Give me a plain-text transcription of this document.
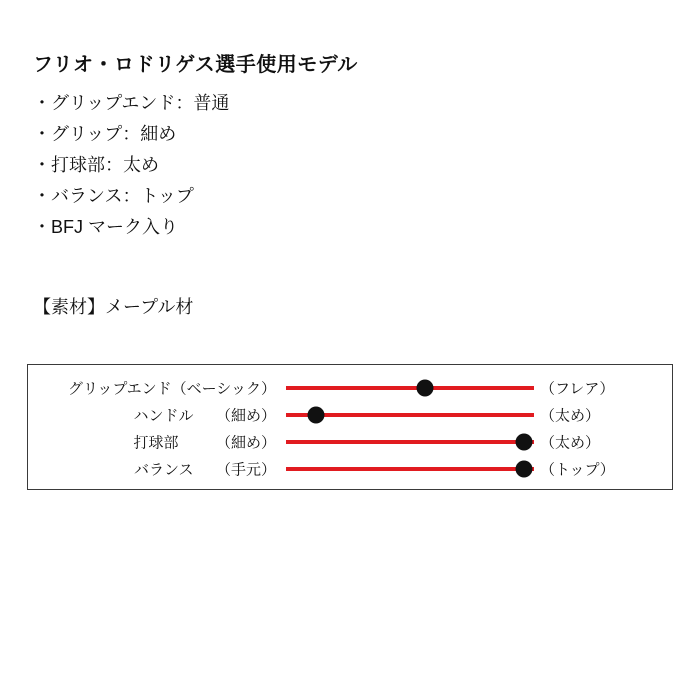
フリオ・ロドリゲス選手使用モデル
・グリップエンド：普通
・グリップ：細め
・打球部：太め
・バランス：トップ
・BFJ マーク入り
【素材】メープル材
グリップエンド（ベーシック）	（フレア）
ハンドル　　（細め）	（太め）
打球部　　　（細め）	（太め）
バランス　　（手元）	（トップ）
